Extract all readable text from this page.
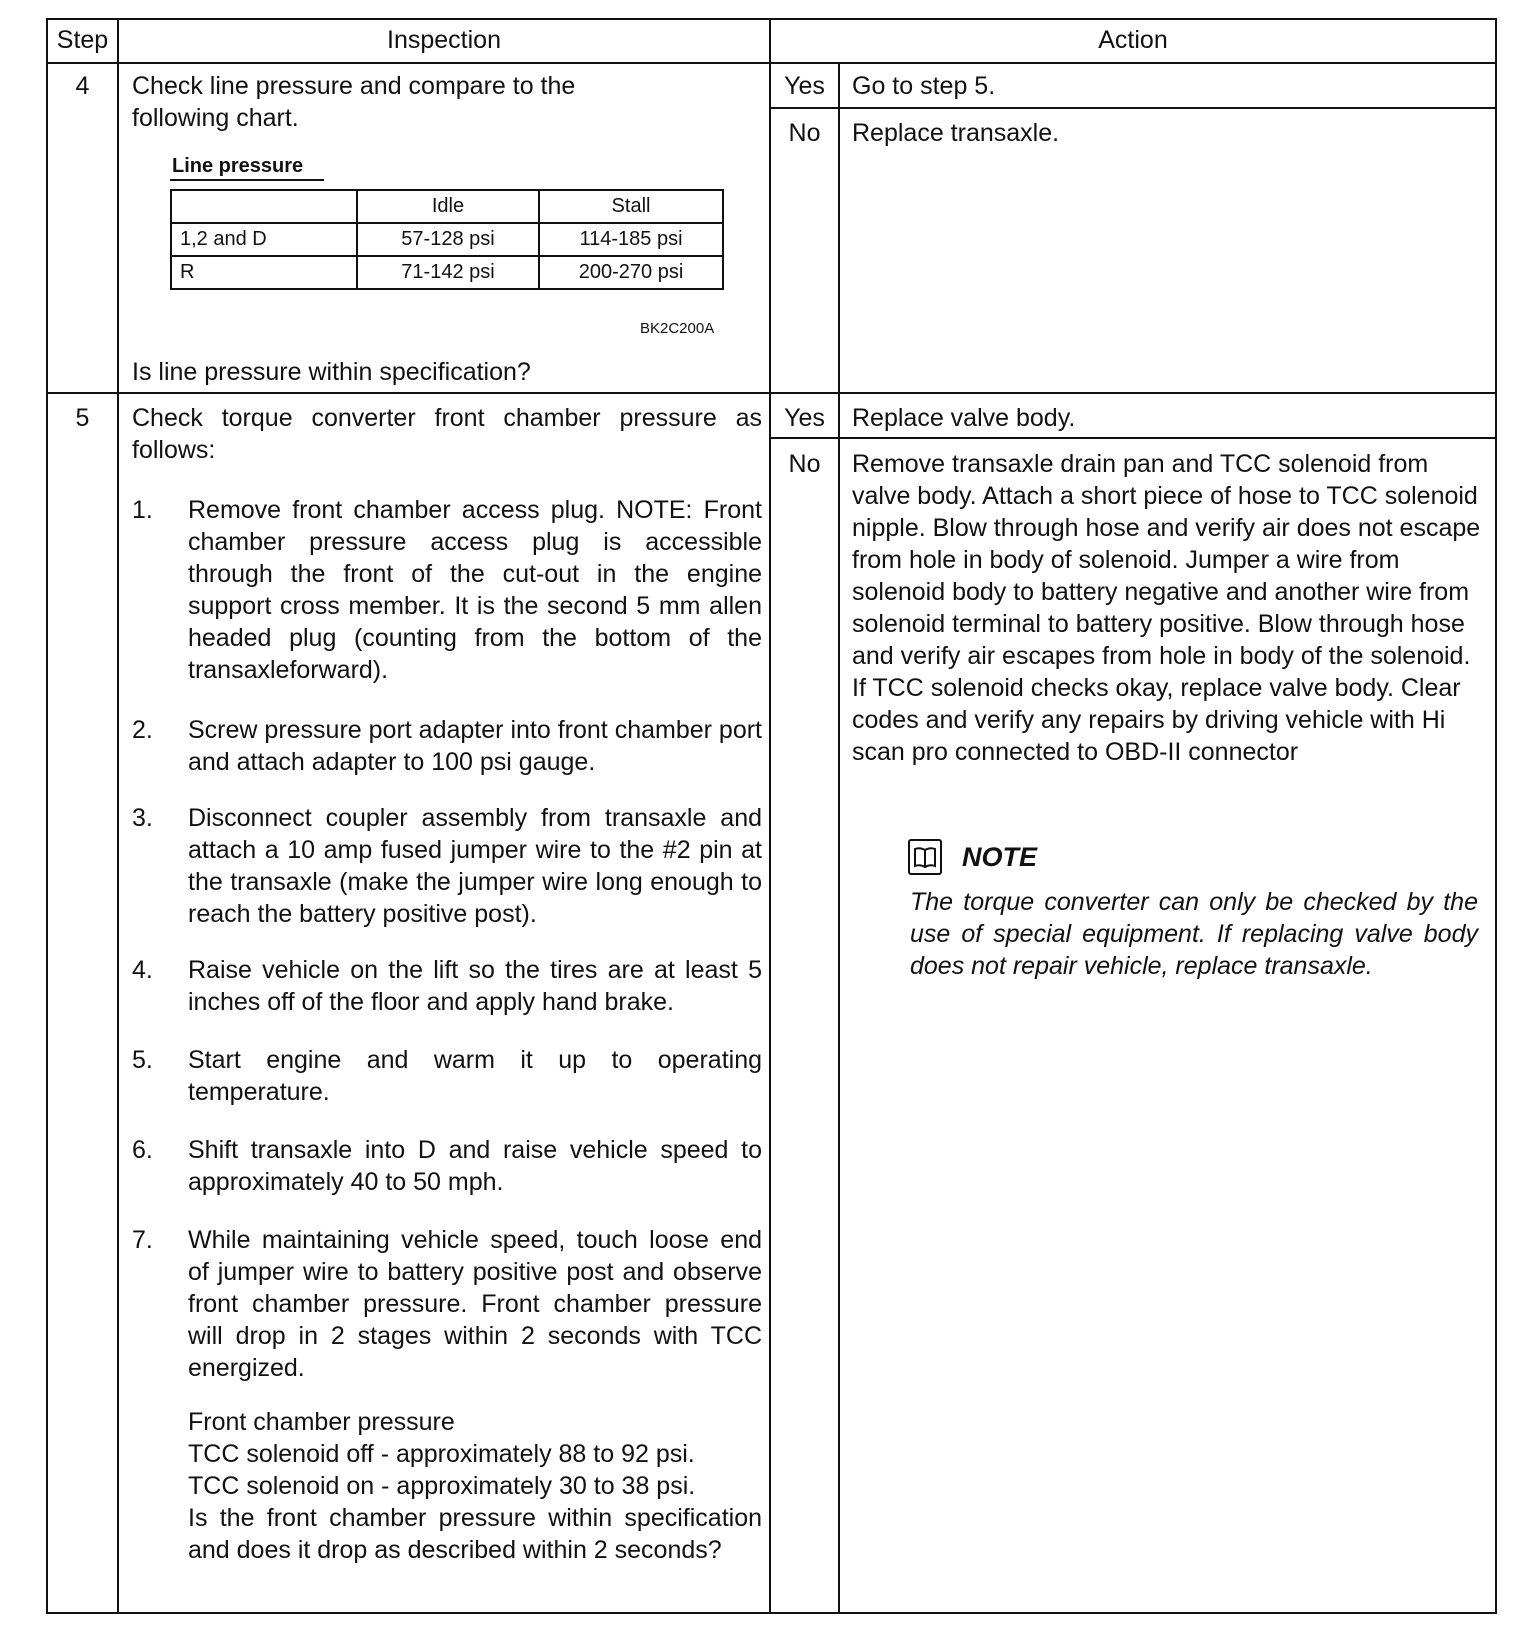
Step	Inspection	Action
4	Check line pressure and compare to the following chart.
Line pressure
	Idle	Stall
1,2 and D	57-128 psi	114-185 psi
R	71-142 psi	200-270 psi
BK2C200A
Is line pressure within specification?
Yes	Go to step 5.
No	Replace transaxle.
5	Check torque converter front chamber pressure as follows:
1.	Remove front chamber access plug. NOTE: Front chamber pressure access plug is accessible through the front of the cut-out in the engine support cross member. It is the second 5 mm allen headed plug (counting from the bottom of the transaxleforward).
2.	Screw pressure port adapter into front chamber port and attach adapter to 100 psi gauge.
3.	Disconnect coupler assembly from transaxle and attach a 10 amp fused jumper wire to the #2 pin at the transaxle (make the jumper wire long enough to reach the battery positive post).
4.	Raise vehicle on the lift so the tires are at least 5 inches off of the floor and apply hand brake.
5.	Start engine and warm it up to operating temperature.
6.	Shift transaxle into D and raise vehicle speed to approximately 40 to 50 mph.
7.	While maintaining vehicle speed, touch loose end of jumper wire to battery positive post and observe front chamber pressure. Front chamber pressure will drop in 2 stages within 2 seconds with TCC energized.
Front chamber pressure
TCC solenoid off - approximately 88 to 92 psi.
TCC solenoid on - approximately 30 to 38 psi.
Is the front chamber pressure within specification and does it drop as described within 2 seconds?
Yes	Replace valve body.
No	Remove transaxle drain pan and TCC solenoid from valve body. Attach a short piece of hose to TCC solenoid nipple. Blow through hose and verify air does not escape from hole in body of solenoid. Jumper a wire from solenoid body to battery negative and another wire from solenoid terminal to battery positive. Blow through hose and verify air escapes from hole in body of the solenoid. If TCC solenoid checks okay, replace valve body. Clear codes and verify any repairs by driving vehicle with Hi scan pro connected to OBD-II connector
NOTE
The torque converter can only be checked by the use of special equipment. If replacing valve body does not repair vehicle, replace transaxle.
